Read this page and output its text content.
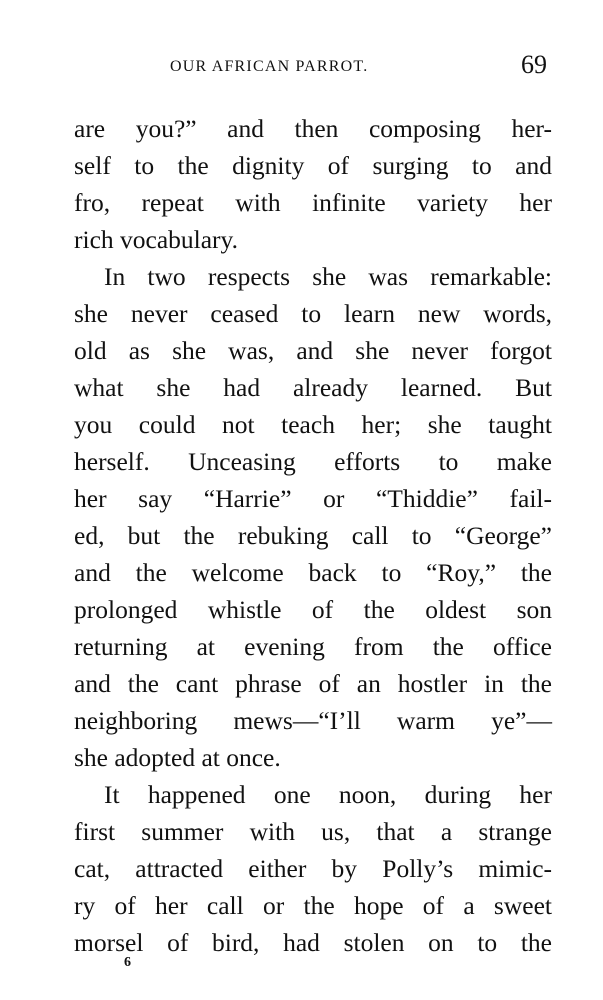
OUR AFRICAN PARROT.	69
are you?” and then composing her-
self to the dignity of surging to and
fro, repeat with infinite variety her
rich vocabulary.
In two respects she was remarkable:
she never ceased to learn new words,
old as she was, and she never forgot
what she had already learned. But
you could not teach her; she taught
herself. Unceasing efforts to make
her say “Harrie” or “Thiddie” fail-
ed, but the rebuking call to “George”
and the welcome back to “Roy,” the
prolonged whistle of the oldest son
returning at evening from the office
and the cant phrase of an hostler in the
neighboring mews—“I’ll warm ye”—
she adopted at once.
It happened one noon, during her
first summer with us, that a strange
cat, attracted either by Polly’s mimic-
ry of her call or the hope of a sweet
morsel of bird, had stolen on to the
6
